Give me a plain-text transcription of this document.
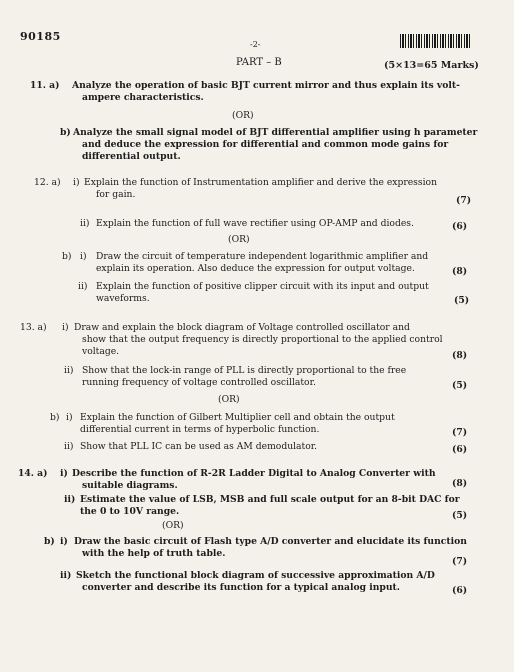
90185
-2-
PART – B	(5×13=65 Marks)
11. a) Analyze the operation of basic BJT current mirror and thus explain its volt-
ampere characteristics.
(OR)
b) Analyze the small signal model of BJT differential amplifier using h parameter
and deduce the expression for differential and common mode gains for
differential output.
12. a) i) Explain the function of Instrumentation amplifier and derive the expression
for gain.
(7)
ii) Explain the function of full wave rectifier using OP-AMP and diodes.	(6)
(OR)
b) i) Draw the circuit of temperature independent logarithmic amplifier and
explain its operation. Also deduce the expression for output voltage.	(8)
ii) Explain the function of positive clipper circuit with its input and output
waveforms.	(5)
13. a) i) Draw and explain the block diagram of Voltage controlled oscillator and
show that the output frequency is directly proportional to the applied control
voltage.	(8)
ii) Show that the lock-in range of PLL is directly proportional to the free
running frequency of voltage controlled oscillator.	(5)
(OR)
b) i) Explain the function of Gilbert Multiplier cell and obtain the output
differential current in terms of hyperbolic function.	(7)
ii) Show that PLL IC can be used as AM demodulator.	(6)
14. a) i) Describe the function of R-2R Ladder Digital to Analog Converter with
suitable diagrams.	(8)
ii) Estimate the value of LSB, MSB and full scale output for an 8-bit DAC for
the 0 to 10V range.	(5)
(OR)
b) i) Draw the basic circuit of Flash type A/D converter and elucidate its function
with the help of truth table.
(7)
ii) Sketch the functional block diagram of successive approximation A/D
converter and describe its function for a typical analog input.	(6)
